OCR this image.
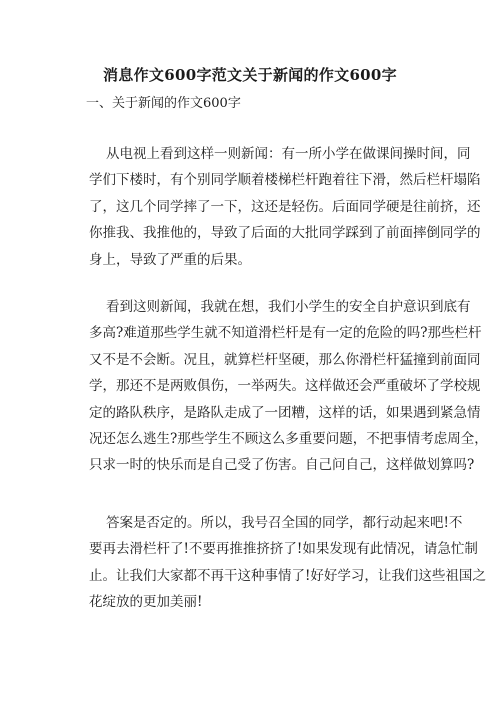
消息作文600字范文关于新闻的作文600字
一、关于新闻的作文600字
从电视上看到这样一则新闻：有一所小学在做课间操时间，同
学们下楼时，有个别同学顺着楼梯栏杆跑着往下滑，然后栏杆塌陷
了，这几个同学摔了一下，这还是轻伤。后面同学硬是往前挤，还
你推我、我推他的，导致了后面的大批同学踩到了前面摔倒同学的
身上，导致了严重的后果。
看到这则新闻，我就在想，我们小学生的安全自护意识到底有
多高?难道那些学生就不知道滑栏杆是有一定的危险的吗?那些栏杆
又不是不会断。况且，就算栏杆坚硬，那么你滑栏杆猛撞到前面同
学，那还不是两败俱伤，一举两失。这样做还会严重破坏了学校规
定的路队秩序，是路队走成了一团糟，这样的话，如果遇到紧急情
况还怎么逃生?那些学生不顾这么多重要问题，不把事情考虑周全，
只求一时的快乐而是自己受了伤害。自己问自己，这样做划算吗?
答案是否定的。所以，我号召全国的同学，都行动起来吧!不
要再去滑栏杆了!不要再推推挤挤了!如果发现有此情况，请急忙制
止。让我们大家都不再干这种事情了!好好学习，让我们这些祖国之
花绽放的更加美丽!
